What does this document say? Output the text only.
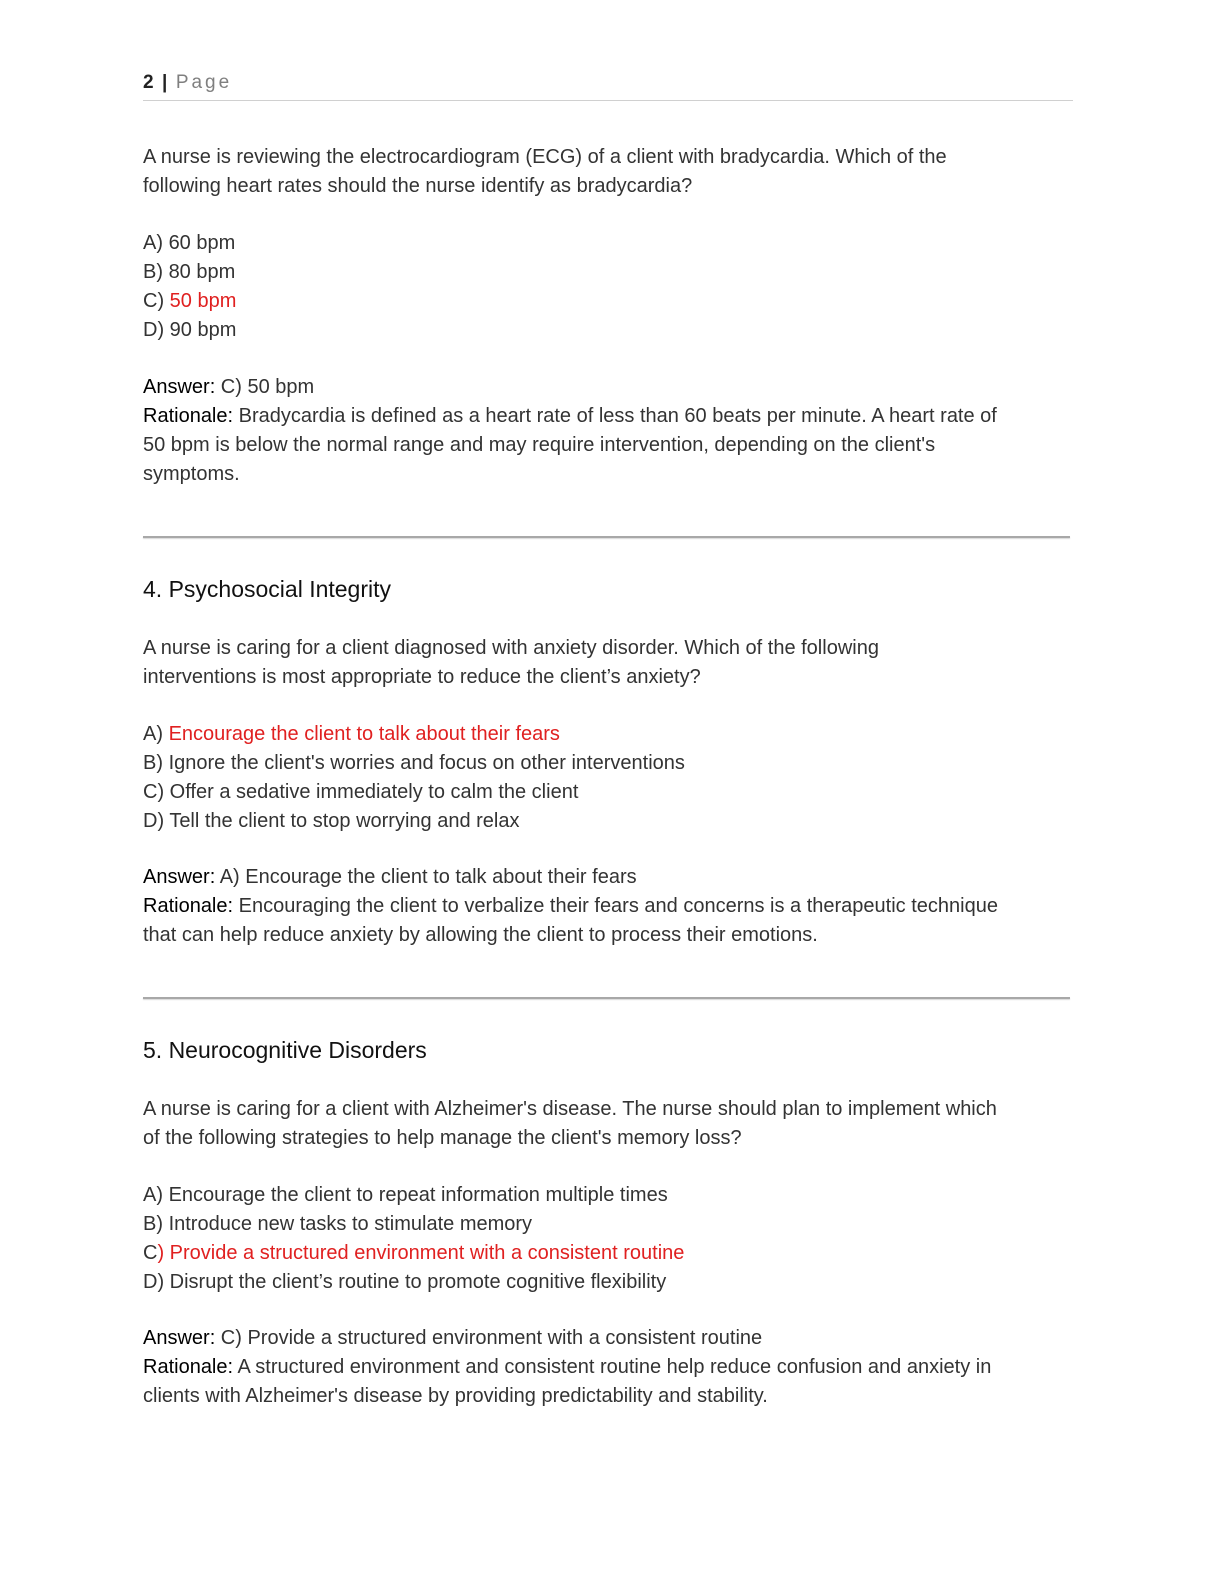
2 | Page
A nurse is reviewing the electrocardiogram (ECG) of a client with bradycardia. Which of the
following heart rates should the nurse identify as bradycardia?
A) 60 bpm
B) 80 bpm
C) 50 bpm
D) 90 bpm
Answer: C) 50 bpm
Rationale: Bradycardia is defined as a heart rate of less than 60 beats per minute. A heart rate of
50 bpm is below the normal range and may require intervention, depending on the client's
symptoms.
4. Psychosocial Integrity
A nurse is caring for a client diagnosed with anxiety disorder. Which of the following
interventions is most appropriate to reduce the client’s anxiety?
A) Encourage the client to talk about their fears
B) Ignore the client's worries and focus on other interventions
C) Offer a sedative immediately to calm the client
D) Tell the client to stop worrying and relax
Answer: A) Encourage the client to talk about their fears
Rationale: Encouraging the client to verbalize their fears and concerns is a therapeutic technique
that can help reduce anxiety by allowing the client to process their emotions.
5. Neurocognitive Disorders
A nurse is caring for a client with Alzheimer's disease. The nurse should plan to implement which
of the following strategies to help manage the client's memory loss?
A) Encourage the client to repeat information multiple times
B) Introduce new tasks to stimulate memory
C) Provide a structured environment with a consistent routine
D) Disrupt the client’s routine to promote cognitive flexibility
Answer: C) Provide a structured environment with a consistent routine
Rationale: A structured environment and consistent routine help reduce confusion and anxiety in
clients with Alzheimer's disease by providing predictability and stability.
